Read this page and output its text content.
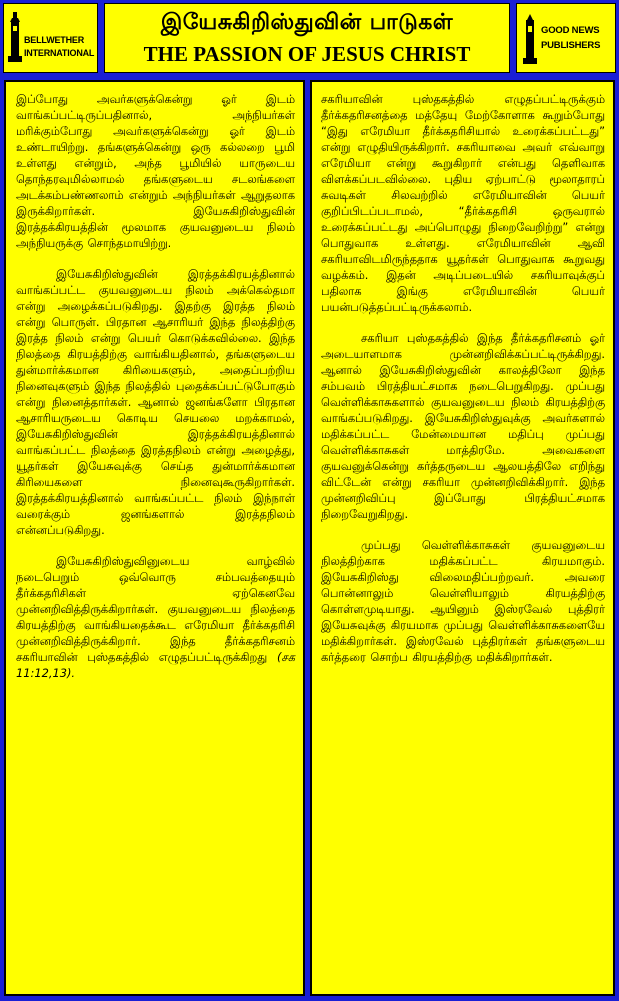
BELLWETHER
INTERNATIONAL
இயேசுகிறிஸ்துவின் பாடுகள்
THE PASSION OF JESUS CHRIST
GOOD NEWS
PUBLISHERS

இப்போது அவர்களுக்கென்று ஓர் இடம் வாங்கப்பட்டிருப்பதினால், அந்நியர்கள் மரிக்கும்போது அவர்களுக்கென்று ஓர் இடம் உண்டாயிற்று. தங்களுக்கென்று ஒரு கல்லறை பூமி உள்ளது என்றும், அந்த பூமியில் யாருடைய தொந்தரவுமில்லாமல் தங்களுடைய சடலங்களை அடக்கம்பண்ணலாம் என்றும் அந்நியர்கள் ஆறுதலாக இருக்கிறார்கள். இயேசுகிறிஸ்துவின் இரத்தக்கிரயத்தின் மூலமாக குயவனுடைய நிலம் அந்நியருக்கு சொந்தமாயிற்று.

இயேசுகிறிஸ்துவின் இரத்தக்கிரயத்தினால் வாங்கப்பட்ட குயவனுடைய நிலம் அக்கெல்தமா என்று அழைக்கப்படுகிறது. இதற்கு இரத்த நிலம் என்று பொருள். பிரதான ஆசாரியர் இந்த நிலத்திற்கு இரத்த நிலம் என்று பெயர் கொடுக்கவில்லை. இந்த நிலத்தை கிரயத்திற்கு வாங்கியதினால், தங்களுடைய துன்மார்க்கமான கிரியைகளும், அதைப்பற்றிய நினைவுகளும் இந்த நிலத்தில் புதைக்கப்பட்டுபோகும் என்று நினைத்தார்கள். ஆனால் ஜனங்களோ பிரதான ஆசாரியருடைய கொடிய செயலை மறக்காமல், இயேசுகிறிஸ்துவின் இரத்தக்கிரயத்தினால் வாங்கப்பட்ட நிலத்தை இரத்தநிலம் என்று அழைத்து, யூதர்கள் இயேசுவுக்கு செய்த துன்மார்க்கமான கிரியைகளை நினைவுகூருகிறார்கள். இரத்தக்கிரயத்தினால் வாங்கப்பட்ட நிலம் இந்நாள் வரைக்கும் ஜனங்களால் இரத்தநிலம் என்னப்படுகிறது.

இயேசுகிறிஸ்துவினுடைய வாழ்வில் நடைபெறும் ஒவ்வொரு சம்பவத்தையும் தீர்க்கதரிசிகள் ஏற்கெனவே முன்னறிவித்திருக்கிறார்கள். குயவனுடைய நிலத்தை கிரயத்திற்கு வாங்கியதைக்கூட எரேமியா தீர்க்கதரிசி முன்னறிவித்திருக்கிறார். இந்த தீர்க்கதரிசனம் சகரியாவின் புஸ்தகத்தில் எழுதப்பட்டிருக்கிறது (சக 11:12,13).

சகரியாவின் புஸ்தகத்தில் எழுதப்பட்டிருக்கும் தீர்க்கதரிசனத்தை மத்தேயு மேற்கோளாக கூறும்போது “இது எரேமியா தீர்க்கதரிசியால் உரைக்கப்பட்டது” என்று எழுதியிருக்கிறார். சகரியாவை அவர் எவ்வாறு எரேமியா என்று கூறுகிறார் என்பது தெளிவாக விளக்கப்படவில்லை. புதிய ஏற்பாட்டு மூலாதாரப் சுவடிகள் சிலவற்றில் எரேமியாவின் பெயர் குறிப்பிடப்படாமல், “தீர்க்கதரிசி ஒருவரால் உரைக்கப்பட்டது அப்பொழுது நிறைவேறிற்று” என்று பொதுவாக உள்ளது. எரேமியாவின் ஆவி சகரியாவிடமிருந்ததாக யூதர்கள் பொதுவாக கூறுவது வழக்கம். இதன் அடிப்படையில் சகரியாவுக்குப் பதிலாக இங்கு எரேமியாவின் பெயர் பயன்படுத்தப்பட்டிருக்கலாம்.

சகரியா புஸ்தகத்தில் இந்த தீர்க்கதரிசனம் ஓர் அடையாளமாக முன்னறிவிக்கப்பட்டிருக்கிறது. ஆனால் இயேசுகிறிஸ்துவின் காலத்திலோ இந்த சம்பவம் பிரத்தியட்சமாக நடைபெறுகிறது. முப்பது வெள்ளிக்காசுகளால் குயவனுடைய நிலம் கிரயத்திற்கு வாங்கப்படுகிறது. இயேசுகிறிஸ்துவுக்கு அவர்களால் மதிக்கப்பட்ட மேன்மையான மதிப்பு முப்பது வெள்ளிக்காசுகள் மாத்திரமே. அவைகளை குயவனுக்கென்று கர்த்தருடைய ஆலயத்திலே எறிந்து விட்டேன் என்று சகரியா முன்னறிவிக்கிறார். இந்த முன்னறிவிப்பு இப்போது பிரத்தியட்சமாக நிறைவேறுகிறது.

முப்பது வெள்ளிக்காசுகள் குயவனுடைய நிலத்திற்காக மதிக்கப்பட்ட கிரயமாகும். இயேசுகிறிஸ்து விலைமதிப்பற்றவர். அவரை பொன்னாலும் வெள்ளியாலும் கிரயத்திற்கு கொள்ளமுடியாது. ஆயினும் இஸ்ரவேல் புத்திரர் இயேசுவுக்கு கிரயமாக முப்பது வெள்ளிக்காசுகளையே மதிக்கிறார்கள். இஸ்ரவேல் புத்திரர்கள் தங்களுடைய கர்த்தரை சொற்ப கிரயத்திற்கு மதிக்கிறார்கள்.
